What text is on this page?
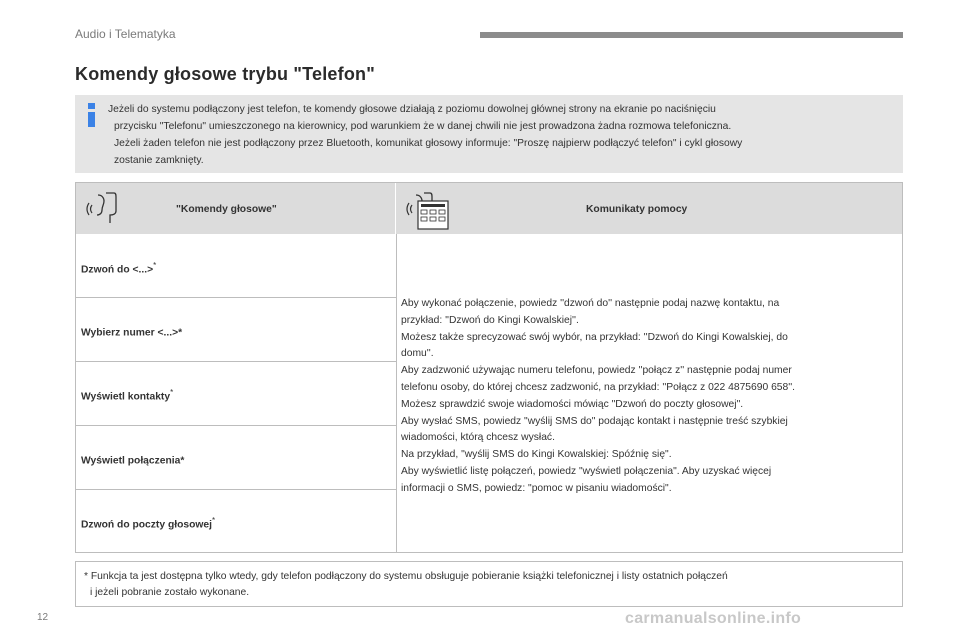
Audio i Telematyka
Komendy głosowe trybu "Telefon"

Jeżeli do systemu podłączony jest telefon, te komendy głosowe działają z poziomu dowolnej głównej strony na ekranie po naciśnięciu

przycisku "Telefonu" umieszczonego na kierownicy, pod warunkiem że w danej chwili nie jest prowadzona żadna rozmowa telefoniczna.

Jeżeli żaden telefon nie jest podłączony przez Bluetooth, komunikat głosowy informuje: "Proszę najpierw podłączyć telefon" i cykl głosowy

zostanie zamknięty.

"Komendy głosowe"	Komunikaty pomocy
Dzwoń do <...>*
Wybierz numer <...>*
Wyświetl kontakty*
Wyświetl połączenia*
Dzwoń do poczty głosowej*
Aby wykonać połączenie, powiedz ''dzwoń do'' następnie podaj nazwę kontaktu, na
przykład: ''Dzwoń do Kingi Kowalskiej''.
Możesz także sprecyzować swój wybór, na przykład: ''Dzwoń do Kingi Kowalskiej, do
domu''.
Aby zadzwonić używając numeru telefonu, powiedz ''połącz z'' następnie podaj numer
telefonu osoby, do której chcesz zadzwonić, na przykład: ''Połącz z 022 4875690 658''.
Możesz sprawdzić swoje wiadomości mówiąc "Dzwoń do poczty głosowej".
Aby wysłać SMS, powiedz "wyślij SMS do" podając kontakt i następnie treść szybkiej
wiadomości, którą chcesz wysłać.
Na przykład, "wyślij SMS do Kingi Kowalskiej: Spóźnię się".
Aby wyświetlić listę połączeń, powiedz "wyświetl połączenia". Aby uzyskać więcej
informacji o SMS, powiedz: "pomoc w pisaniu wiadomości".
* Funkcja ta jest dostępna tylko wtedy, gdy telefon podłączony do systemu obsługuje pobieranie książki telefonicznej i listy ostatnich połączeń
i jeżeli pobranie zostało wykonane.
12	carmanualsonline.info
